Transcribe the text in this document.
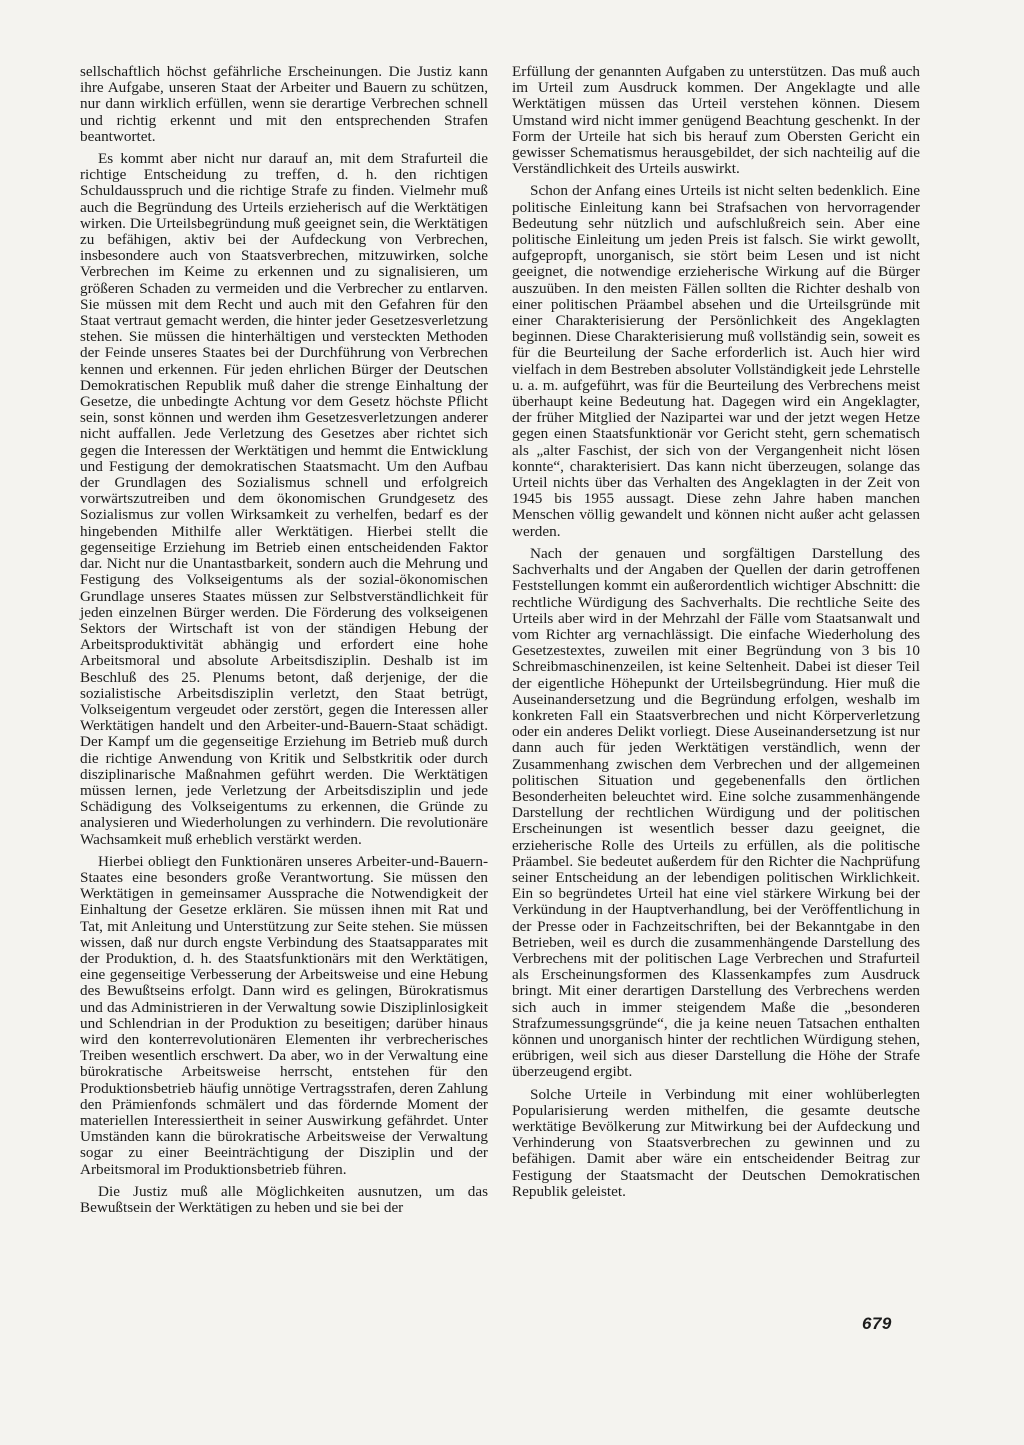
sellschaftlich höchst gefährliche Erscheinungen. Die Justiz kann ihre Aufgabe, unseren Staat der Arbeiter und Bauern zu schützen, nur dann wirklich erfüllen, wenn sie derartige Verbrechen schnell und richtig erkennt und mit den entsprechenden Strafen beantwortet.

Es kommt aber nicht nur darauf an, mit dem Strafurteil die richtige Entscheidung zu treffen, d. h. den richtigen Schuldausspruch und die richtige Strafe zu finden. Vielmehr muß auch die Begründung des Urteils erzieherisch auf die Werktätigen wirken. Die Urteilsbegründung muß geeignet sein, die Werktätigen zu befähigen, aktiv bei der Aufdeckung von Verbrechen, insbesondere auch von Staatsverbrechen, mitzuwirken, solche Verbrechen im Keime zu erkennen und zu signalisieren, um größeren Schaden zu vermeiden und die Verbrecher zu entlarven. Sie müssen mit dem Recht und auch mit den Gefahren für den Staat vertraut gemacht werden, die hinter jeder Gesetzesverletzung stehen. Sie müssen die hinterhältigen und versteckten Methoden der Feinde unseres Staates bei der Durchführung von Verbrechen kennen und erkennen. Für jeden ehrlichen Bürger der Deutschen Demokratischen Republik muß daher die strenge Einhaltung der Gesetze, die unbedingte Achtung vor dem Gesetz höchste Pflicht sein, sonst können und werden ihm Gesetzesverletzungen anderer nicht auffallen. Jede Verletzung des Gesetzes aber richtet sich gegen die Interessen der Werktätigen und hemmt die Entwicklung und Festigung der demokratischen Staatsmacht. Um den Aufbau der Grundlagen des Sozialismus schnell und erfolgreich vorwärtszutreiben und dem ökonomischen Grundgesetz des Sozialismus zur vollen Wirksamkeit zu verhelfen, bedarf es der hingebenden Mithilfe aller Werktätigen. Hierbei stellt die gegenseitige Erziehung im Betrieb einen entscheidenden Faktor dar. Nicht nur die Unantastbarkeit, sondern auch die Mehrung und Festigung des Volkseigentums als der sozial-ökonomischen Grundlage unseres Staates müssen zur Selbstverständlichkeit für jeden einzelnen Bürger werden. Die Förderung des volkseigenen Sektors der Wirtschaft ist von der ständigen Hebung der Arbeitsproduktivität abhängig und erfordert eine hohe Arbeitsmoral und absolute Arbeitsdisziplin. Deshalb ist im Beschluß des 25. Plenums betont, daß derjenige, der die sozialistische Arbeitsdisziplin verletzt, den Staat betrügt, Volkseigentum vergeudet oder zerstört, gegen die Interessen aller Werktätigen handelt und den Arbeiter-und-Bauern-Staat schädigt. Der Kampf um die gegenseitige Erziehung im Betrieb muß durch die richtige Anwendung von Kritik und Selbstkritik oder durch disziplinarische Maßnahmen geführt werden. Die Werktätigen müssen lernen, jede Verletzung der Arbeitsdisziplin und jede Schädigung des Volkseigentums zu erkennen, die Gründe zu analysieren und Wiederholungen zu verhindern. Die revolutionäre Wachsamkeit muß erheblich verstärkt werden.

Hierbei obliegt den Funktionären unseres Arbeiter-und-Bauern-Staates eine besonders große Verantwortung. Sie müssen den Werktätigen in gemeinsamer Aussprache die Notwendigkeit der Einhaltung der Gesetze erklären. Sie müssen ihnen mit Rat und Tat, mit Anleitung und Unterstützung zur Seite stehen. Sie müssen wissen, daß nur durch engste Verbindung des Staatsapparates mit der Produktion, d. h. des Staatsfunktionärs mit den Werktätigen, eine gegenseitige Verbesserung der Arbeitsweise und eine Hebung des Bewußtseins erfolgt. Dann wird es gelingen, Bürokratismus und das Administrieren in der Verwaltung sowie Disziplinlosigkeit und Schlendrian in der Produktion zu beseitigen; darüber hinaus wird den konterrevolutionären Elementen ihr verbrecherisches Treiben wesentlich erschwert. Da aber, wo in der Verwaltung eine bürokratische Arbeitsweise herrscht, entstehen für den Produktionsbetrieb häufig unnötige Vertragsstrafen, deren Zahlung den Prämienfonds schmälert und das fördernde Moment der materiellen Interessiertheit in seiner Auswirkung gefährdet. Unter Umständen kann die bürokratische Arbeitsweise der Verwaltung sogar zu einer Beeinträchtigung der Disziplin und der Arbeitsmoral im Produktionsbetrieb führen.

Die Justiz muß alle Möglichkeiten ausnutzen, um das Bewußtsein der Werktätigen zu heben und sie bei der

Erfüllung der genannten Aufgaben zu unterstützen. Das muß auch im Urteil zum Ausdruck kommen. Der Angeklagte und alle Werktätigen müssen das Urteil verstehen können. Diesem Umstand wird nicht immer genügend Beachtung geschenkt. In der Form der Urteile hat sich bis herauf zum Obersten Gericht ein gewisser Schematismus herausgebildet, der sich nachteilig auf die Verständlichkeit des Urteils auswirkt.

Schon der Anfang eines Urteils ist nicht selten bedenklich. Eine politische Einleitung kann bei Strafsachen von hervorragender Bedeutung sehr nützlich und aufschlußreich sein. Aber eine politische Einleitung um jeden Preis ist falsch. Sie wirkt gewollt, aufgepropft, unorganisch, sie stört beim Lesen und ist nicht geeignet, die notwendige erzieherische Wirkung auf die Bürger auszuüben. In den meisten Fällen sollten die Richter deshalb von einer politischen Präambel absehen und die Urteilsgründe mit einer Charakterisierung der Persönlichkeit des Angeklagten beginnen. Diese Charakterisierung muß vollständig sein, soweit es für die Beurteilung der Sache erforderlich ist. Auch hier wird vielfach in dem Bestreben absoluter Vollständigkeit jede Lehrstelle u. a. m. aufgeführt, was für die Beurteilung des Verbrechens meist überhaupt keine Bedeutung hat. Dagegen wird ein Angeklagter, der früher Mitglied der Nazipartei war und der jetzt wegen Hetze gegen einen Staatsfunktionär vor Gericht steht, gern schematisch als „alter Faschist, der sich von der Vergangenheit nicht lösen konnte“, charakterisiert. Das kann nicht überzeugen, solange das Urteil nichts über das Verhalten des Angeklagten in der Zeit von 1945 bis 1955 aussagt. Diese zehn Jahre haben manchen Menschen völlig gewandelt und können nicht außer acht gelassen werden.

Nach der genauen und sorgfältigen Darstellung des Sachverhalts und der Angaben der Quellen der darin getroffenen Feststellungen kommt ein außerordentlich wichtiger Abschnitt: die rechtliche Würdigung des Sachverhalts. Die rechtliche Seite des Urteils aber wird in der Mehrzahl der Fälle vom Staatsanwalt und vom Richter arg vernachlässigt. Die einfache Wiederholung des Gesetzestextes, zuweilen mit einer Begründung von 3 bis 10 Schreibmaschinenzeilen, ist keine Seltenheit. Dabei ist dieser Teil der eigentliche Höhepunkt der Urteilsbegründung. Hier muß die Auseinandersetzung und die Begründung erfolgen, weshalb im konkreten Fall ein Staatsverbrechen und nicht Körperverletzung oder ein anderes Delikt vorliegt. Diese Auseinandersetzung ist nur dann auch für jeden Werktätigen verständlich, wenn der Zusammenhang zwischen dem Verbrechen und der allgemeinen politischen Situation und gegebenenfalls den örtlichen Besonderheiten beleuchtet wird. Eine solche zusammenhängende Darstellung der rechtlichen Würdigung und der politischen Erscheinungen ist wesentlich besser dazu geeignet, die erzieherische Rolle des Urteils zu erfüllen, als die politische Präambel. Sie bedeutet außerdem für den Richter die Nachprüfung seiner Entscheidung an der lebendigen politischen Wirklichkeit. Ein so begründetes Urteil hat eine viel stärkere Wirkung bei der Verkündung in der Hauptverhandlung, bei der Veröffentlichung in der Presse oder in Fachzeitschriften, bei der Bekanntgabe in den Betrieben, weil es durch die zusammenhängende Darstellung des Verbrechens mit der politischen Lage Verbrechen und Strafurteil als Erscheinungsformen des Klassenkampfes zum Ausdruck bringt. Mit einer derartigen Darstellung des Verbrechens werden sich auch in immer steigendem Maße die „besonderen Strafzumessungsgründe“, die ja keine neuen Tatsachen enthalten können und unorganisch hinter der rechtlichen Würdigung stehen, erübrigen, weil sich aus dieser Darstellung die Höhe der Strafe überzeugend ergibt.

Solche Urteile in Verbindung mit einer wohlüberlegten Popularisierung werden mithelfen, die gesamte deutsche werktätige Bevölkerung zur Mitwirkung bei der Aufdeckung und Verhinderung von Staatsverbrechen zu gewinnen und zu befähigen. Damit aber wäre ein entscheidender Beitrag zur Festigung der Staatsmacht der Deutschen Demokratischen Republik geleistet.

679
